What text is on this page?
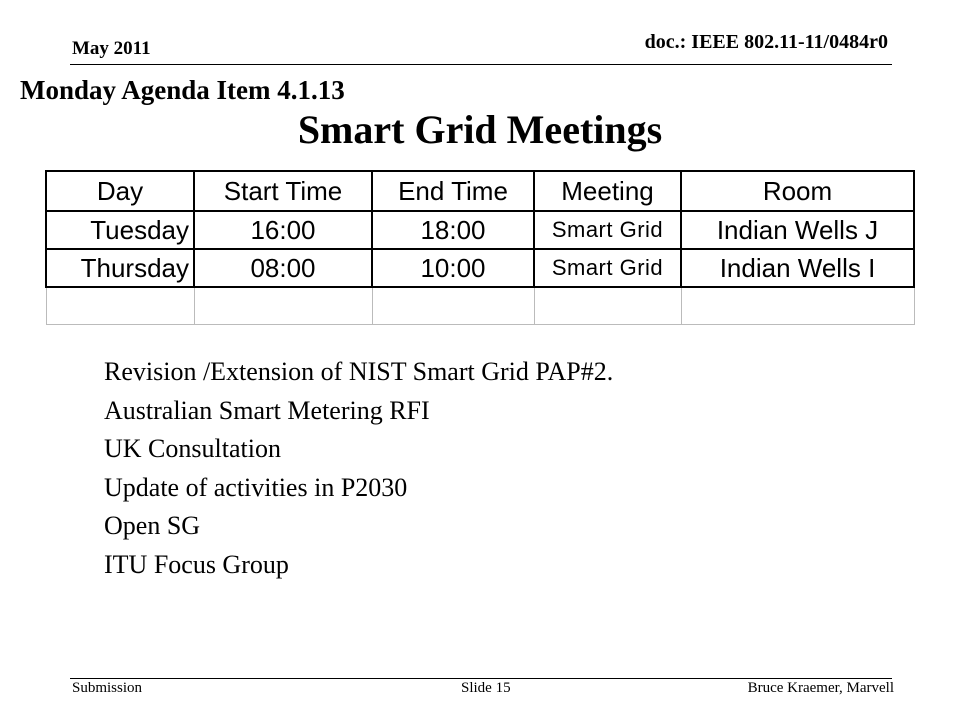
May 2011	doc.: IEEE 802.11-11/0484r0
Monday Agenda Item 4.1.13
Smart Grid Meetings
Day	Start Time	End Time	Meeting	Room
Tuesday	16:00	18:00	Smart Grid	Indian Wells J
Thursday	08:00	10:00	Smart Grid	Indian Wells I

Revision /Extension of NIST Smart Grid PAP#2.
Australian Smart Metering RFI
UK Consultation
Update of activities in P2030
Open SG
ITU Focus Group
Submission	Slide 15	Bruce Kraemer, Marvell
